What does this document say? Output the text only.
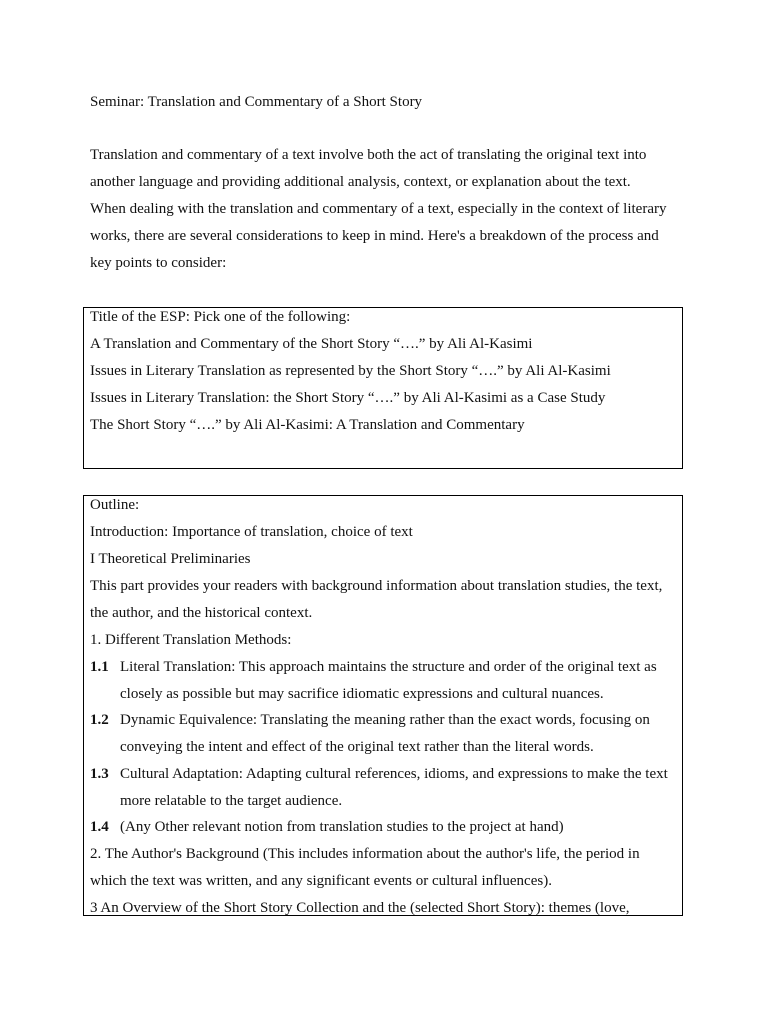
Seminar: Translation and Commentary of a Short Story
Translation and commentary of a text involve both the act of translating the original text into
another language and providing additional analysis, context, or explanation about the text.
When dealing with the translation and commentary of a text, especially in the context of literary
works, there are several considerations to keep in mind. Here's a breakdown of the process and
key points to consider:
Title of the ESP: Pick one of the following:
A Translation and Commentary of the Short Story “….” by Ali Al-Kasimi
Issues in Literary Translation as represented by the Short Story “….” by Ali Al-Kasimi
Issues in Literary Translation: the Short Story “….” by Ali Al-Kasimi as a Case Study
The Short Story “….” by Ali Al-Kasimi: A Translation and Commentary
Outline:
Introduction: Importance of translation, choice of text
I Theoretical Preliminaries
This part provides your readers with background information about translation studies, the text,
the author, and the historical context.
1. Different Translation Methods:
1.1 Literal Translation: This approach maintains the structure and order of the original text as
closely as possible but may sacrifice idiomatic expressions and cultural nuances.
1.2 Dynamic Equivalence: Translating the meaning rather than the exact words, focusing on
conveying the intent and effect of the original text rather than the literal words.
1.3 Cultural Adaptation: Adapting cultural references, idioms, and expressions to make the text
more relatable to the target audience.
1.4 (Any Other relevant notion from translation studies to the project at hand)
2. The Author's Background (This includes information about the author's life, the period in
which the text was written, and any significant events or cultural influences).
3 An Overview of the Short Story Collection and the (selected Short Story): themes (love,
